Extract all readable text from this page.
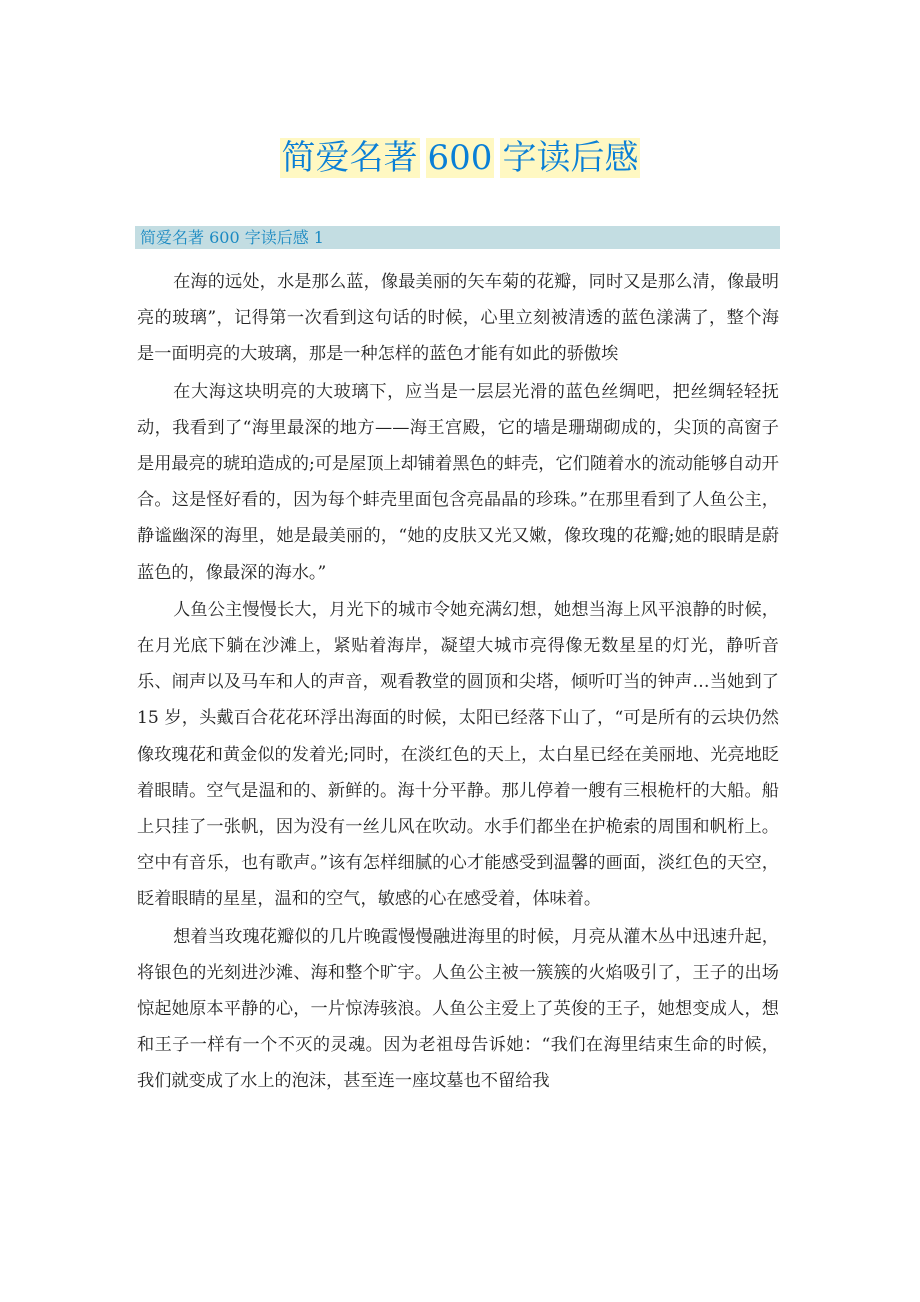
简爱名著 600 字读后感
简爱名著 600 字读后感 1

在海的远处，水是那么蓝，像最美丽的矢车菊的花瓣，同时又是那么清，像最明亮的玻璃”，记得第一次看到这句话的时候，心里立刻被清透的蓝色漾满了，整个海是一面明亮的大玻璃，那是一种怎样的蓝色才能有如此的骄傲埃

在大海这块明亮的大玻璃下，应当是一层层光滑的蓝色丝绸吧，把丝绸轻轻抚动，我看到了“海里最深的地方——海王宫殿，它的墙是珊瑚砌成的，尖顶的高窗子是用最亮的琥珀造成的;可是屋顶上却铺着黑色的蚌壳，它们随着水的流动能够自动开合。这是怪好看的，因为每个蚌壳里面包含亮晶晶的珍珠。”在那里看到了人鱼公主，静谧幽深的海里，她是最美丽的，“她的皮肤又光又嫩，像玫瑰的花瓣;她的眼睛是蔚蓝色的，像最深的海水。”

人鱼公主慢慢长大，月光下的城市令她充满幻想，她想当海上风平浪静的时候，在月光底下躺在沙滩上，紧贴着海岸，凝望大城市亮得像无数星星的灯光，静听音乐、闹声以及马车和人的声音，观看教堂的圆顶和尖塔，倾听叮当的钟声…当她到了 15 岁，头戴百合花花环浮出海面的时候，太阳已经落下山了，“可是所有的云块仍然像玫瑰花和黄金似的发着光;同时，在淡红色的天上，太白星已经在美丽地、光亮地眨着眼睛。空气是温和的、新鲜的。海十分平静。那儿停着一艘有三根桅杆的大船。船上只挂了一张帆，因为没有一丝儿风在吹动。水手们都坐在护桅索的周围和帆桁上。空中有音乐，也有歌声。”该有怎样细腻的心才能感受到温馨的画面，淡红色的天空，眨着眼睛的星星，温和的空气，敏感的心在感受着，体味着。

想着当玫瑰花瓣似的几片晚霞慢慢融进海里的时候，月亮从灌木丛中迅速升起，将银色的光刻进沙滩、海和整个旷宇。人鱼公主被一簇簇的火焰吸引了，王子的出场惊起她原本平静的心，一片惊涛骇浪。人鱼公主爱上了英俊的王子，她想变成人，想和王子一样有一个不灭的灵魂。因为老祖母告诉她：“我们在海里结束生命的时候，我们就变成了水上的泡沫，甚至连一座坟墓也不留给我
